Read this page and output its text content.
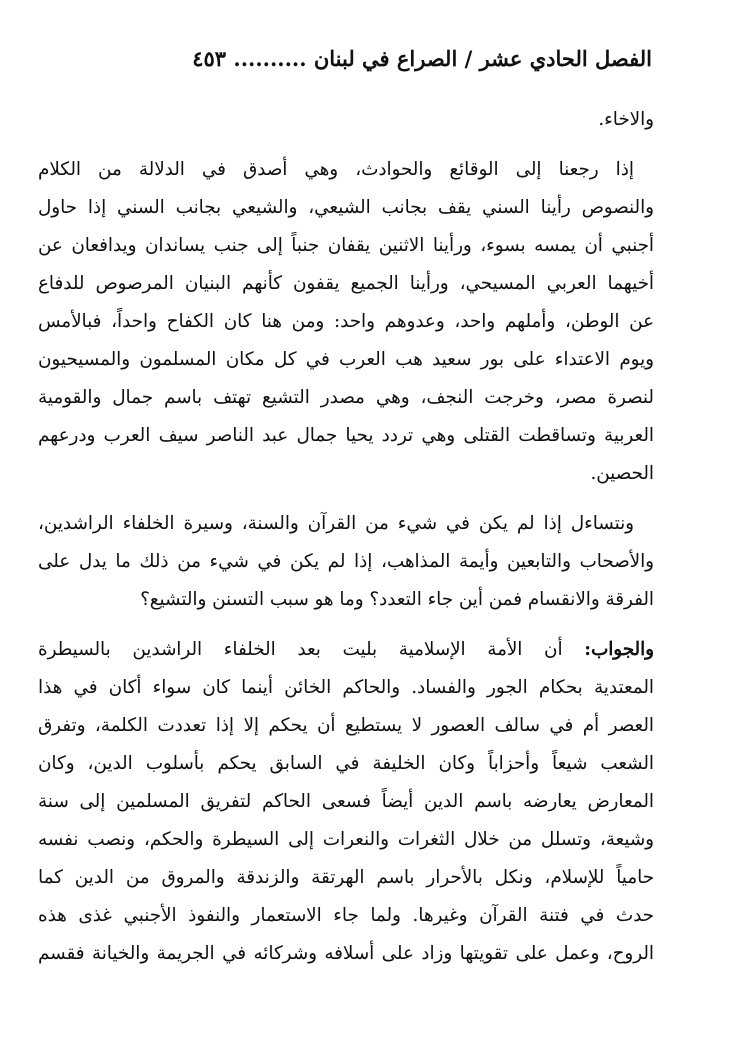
الفصل الحادي عشر / الصراع في لبنان .......... ٤٥٣
والاخاء.
إذا رجعنا إلى الوقائع والحوادث، وهي أصدق في الدلالة من الكلام
والنصوص رأينا السني يقف بجانب الشيعي، والشيعي بجانب السني إذا حاول
أجنبي أن يمسه بسوء، ورأينا الاثنين يقفان جنباً إلى جنب يساندان ويدافعان عن
أخيهما العربي المسيحي، ورأينا الجميع يقفون كأنهم البنيان المرصوص للدفاع
عن الوطن، وأملهم واحد، وعدوهم واحد: ومن هنا كان الكفاح واحداً، فبالأمس
ويوم الاعتداء على بور سعيد هب العرب في كل مكان المسلمون والمسيحيون
لنصرة مصر، وخرجت النجف، وهي مصدر التشيع تهتف باسم جمال والقومية
العربية وتساقطت القتلى وهي تردد يحيا جمال عبد الناصر سيف العرب ودرعهم
الحصين.
ونتساءل إذا لم يكن في شيء من القرآن والسنة، وسيرة الخلفاء الراشدين،
والأصحاب والتابعين وأيمة المذاهب، إذا لم يكن في شيء من ذلك ما يدل على
الفرقة والانقسام فمن أين جاء التعدد؟ وما هو سبب التسنن والتشيع؟
والجواب: أن الأمة الإسلامية بليت بعد الخلفاء الراشدين بالسيطرة
المعتدية بحكام الجور والفساد. والحاكم الخائن أينما كان سواء أكان في هذا
العصر أم في سالف العصور لا يستطيع أن يحكم إلا إذا تعددت الكلمة، وتفرق
الشعب شيعاً وأحزاباً وكان الخليفة في السابق يحكم بأسلوب الدين، وكان
المعارض يعارضه باسم الدين أيضاً فسعى الحاكم لتفريق المسلمين إلى سنة
وشيعة، وتسلل من خلال الثغرات والنعرات إلى السيطرة والحكم، ونصب نفسه
حامياً للإسلام، ونكل بالأحرار باسم الهرتقة والزندقة والمروق من الدين كما
حدث في فتنة القرآن وغيرها. ولما جاء الاستعمار والنفوذ الأجنبي غذى هذه
الروح، وعمل على تقويتها وزاد على أسلافه وشركائه في الجريمة والخيانة فقسم
